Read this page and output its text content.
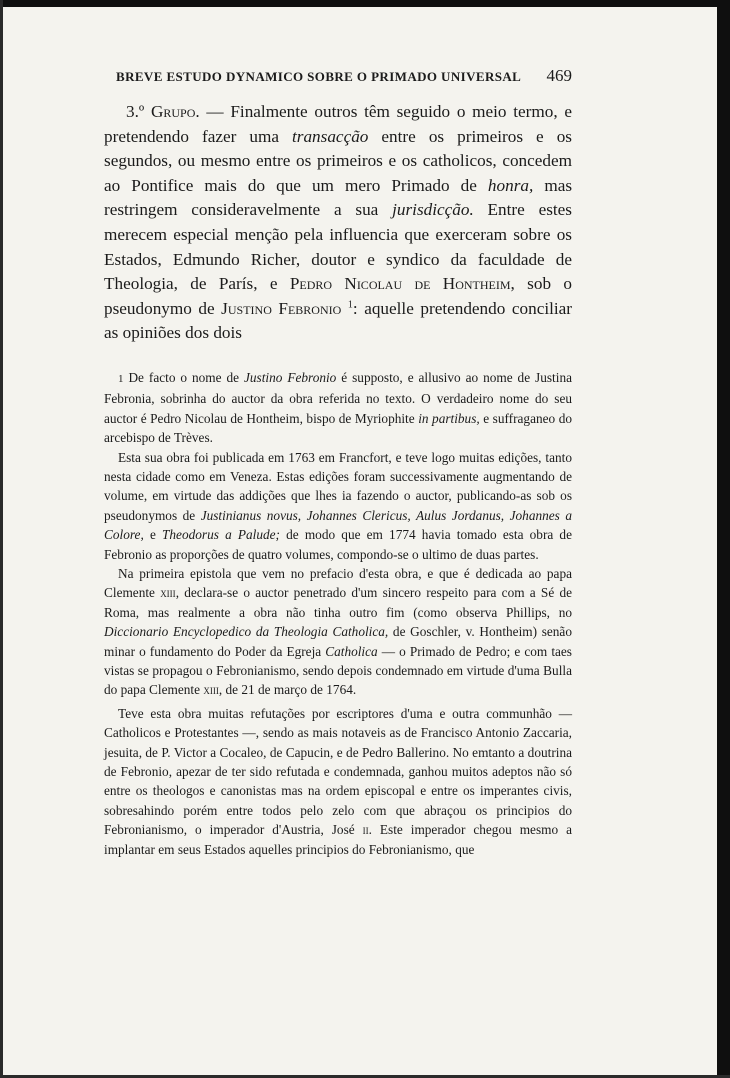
BREVE ESTUDO DYNAMICO SOBRE O PRIMADO UNIVERSAL 469

3.º Grupo. — Finalmente outros têm seguido o meio termo, e pretendendo fazer uma transacção entre os primeiros e os segundos, ou mesmo entre os primeiros e os catholicos, concedem ao Pontifice mais do que um mero Primado de honra, mas restringem consideravelmente a sua jurisdicção. Entre estes merecem especial menção pela influencia que exerceram sobre os Estados, Edmundo Richer, doutor e syndico da faculdade de Theologia, de París, e Pedro Nicolau de Hontheim, sob o pseudonymo de Justino Febronio $^1$: aquelle pretendendo conciliar as opiniões dos dois

1 De facto o nome de Justino Febronio é supposto, e allusivo ao nome de Justina Febronia, sobrinha do auctor da obra referida no texto. O verdadeiro nome do seu auctor é Pedro Nicolau de Hontheim, bispo de Myriophite in partibus, e suffraganeo do arcebispo de Trèves.

Esta sua obra foi publicada em 1763 em Francfort, e teve logo muitas edições, tanto nesta cidade como em Veneza. Estas edições foram successivamente augmentando de volume, em virtude das addições que lhes ia fazendo o auctor, publicando-as sob os pseudonymos de Justinianus novus, Johannes Clericus, Aulus Jordanus, Johannes a Colore, e Theodorus a Palude; de modo que em 1774 havia tomado esta obra de Febronio as proporções de quatro volumes, compondo-se o ultimo de duas partes.

Na primeira epistola que vem no prefacio d'esta obra, e que é dedicada ao papa Clemente xiii, declara-se o auctor penetrado d'um sincero respeito para com a Sé de Roma, mas realmente a obra não tinha outro fim (como observa Phillips, no Diccionario Encyclopedico da Theologia Catholica, de Goschler, v. Hontheim) senão minar o fundamento do Poder da Egreja Catholica — o Primado de Pedro; e com taes vistas se propagou o Febronianismo, sendo depois condemnado em virtude d'uma Bulla do papa Clemente xiii, de 21 de março de 1764.

Teve esta obra muitas refutações por escriptores d'uma e outra communhão — Catholicos e Protestantes —, sendo as mais notaveis as de Francisco Antonio Zaccaria, jesuita, de P. Victor a Cocaleo, de Capucin, e de Pedro Ballerino. No emtanto a doutrina de Febronio, apezar de ter sido refutada e condemnada, ganhou muitos adeptos não só entre os theologos e canonistas mas na ordem episcopal e entre os imperantes civis, sobresahindo porém entre todos pelo zelo com que abraçou os principios do Febronianismo, o imperador d'Austria, José ii. Este imperador chegou mesmo a implantar em seus Estados aquelles principios do Febronianismo, que
